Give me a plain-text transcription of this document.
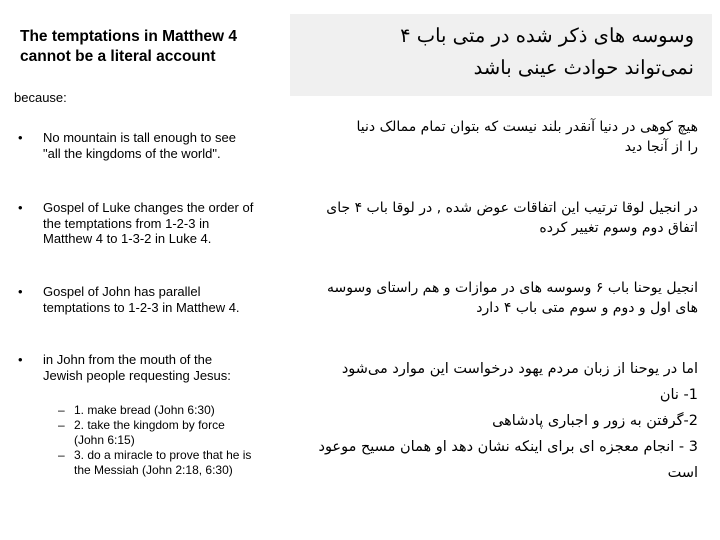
The temptations in Matthew 4 cannot be a literal account
وسوسه های ذکر شده در متی باب ۴
نمی‌تواند حوادث عینی باشد
because:
• No mountain is tall enough to see "all the kingdoms of the world".
• Gospel of Luke changes the order of the temptations from 1-2-3 in Matthew 4 to 1-3-2 in Luke 4.
• Gospel of John has parallel temptations to 1-2-3 in Matthew 4.
• in John from the mouth of the Jewish people requesting Jesus:
– 1. make bread (John 6:30)
– 2. take the kingdom by force (John 6:15)
– 3. do a miracle to prove that he is the Messiah (John 2:18, 6:30)
هیچ کوهی در دنیا آنقدر بلند نیست که بتوان تمام ممالک دنیا
را از آنجا دید
در انجیل لوقا ترتیب این اتفاقات عوض شده , در لوقا باب ۴ جای
اتفاق دوم وسوم تغییر کرده
انجیل یوحنا باب ۶ وسوسه های در موازات و هم راستای وسوسه
های اول و دوم و سوم متی باب ۴ دارد
اما در یوحنا از زبان مردم یهود درخواست این موارد می‌شود
1- نان
2-گرفتن به زور و اجباری پادشاهی
3 - انجام معجزه ای برای اینکه نشان دهد او همان مسیح موعود
است
